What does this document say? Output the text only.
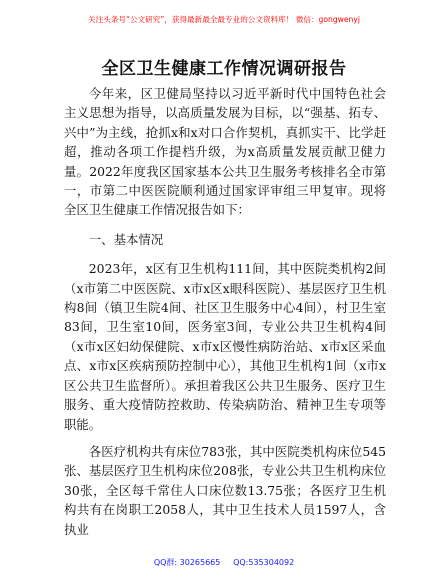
关注头条号“公文研究”，获得最新最全最专业的公文资料库！ 微信：gongwenyj
全区卫生健康工作情况调研报告

今年来，区卫健局坚持以习近平新时代中国特色社会主义思想为指导，以高质量发展为目标，以“强基、拓专、兴中”为主线，抢抓x和x对口合作契机，真抓实干、比学赶超，推动各项工作提档升级，为x高质量发展贡献卫健力量。2022年度我区国家基本公共卫生服务考核排名全市第一，市第二中医医院顺利通过国家评审组三甲复审。现将全区卫生健康工作情况报告如下：

一、基本情况

2023年，x区有卫生机构111间，其中医院类机构2间（x市第二中医医院、x市x区x眼科医院）、基层医疗卫生机构8间（镇卫生院4间、社区卫生服务中心4间），村卫生室83间，卫生室10间，医务室3间，专业公共卫生机构4间（x市x区妇幼保健院、x市x区慢性病防治站、x市x区采血点、x市x区疾病预防控制中心），其他卫生机构1间（x市x区公共卫生监督所）。承担着我区公共卫生服务、医疗卫生服务、重大疫情防控救助、传染病防治、精神卫生专项等职能。

各医疗机构共有床位783张，其中医院类机构床位545张、基层医疗卫生机构床位208张，专业公共卫生机构床位30张，全区每千常住人口床位数13.75张；各医疗卫生机构共有在岗职工2058人，其中卫生技术人员1597人，含执业

QQ群: 30265665     QQ:535304092
